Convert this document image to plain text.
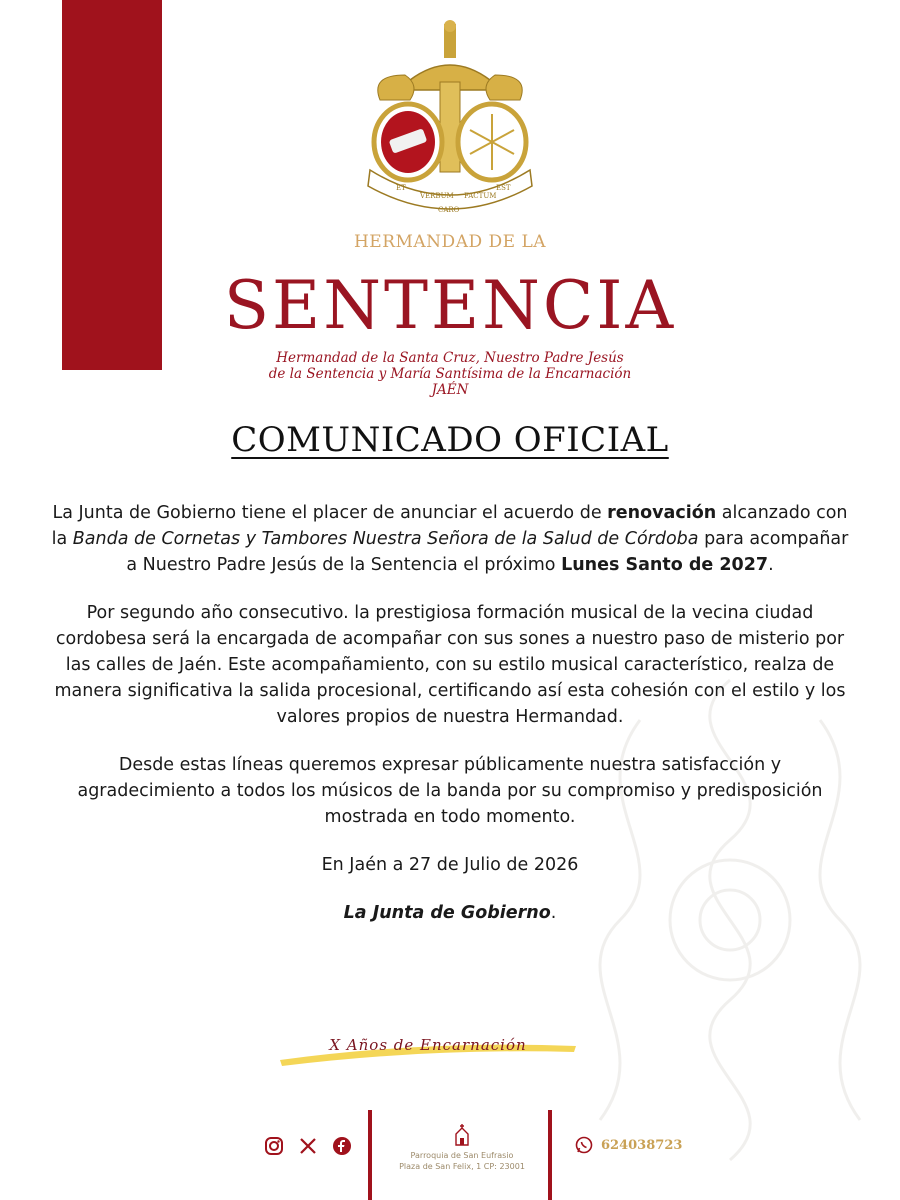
ET
VERBUM
CARO
FACTUM
EST
HERMANDAD DE LA
SENTENCIA
Hermandad de la Santa Cruz, Nuestro Padre Jesús
de la Sentencia y María Santísima de la Encarnación
JAÉN
COMUNICADO OFICIAL

La Junta de Gobierno tiene el placer de anunciar el acuerdo de renovación alcanzado con la Banda de Cornetas y Tambores Nuestra Señora de la Salud de Córdoba para acompañar a Nuestro Padre Jesús de la Sentencia el próximo Lunes Santo de 2027.

Por segundo año consecutivo. la prestigiosa formación musical de la vecina ciudad cordobesa será la encargada de acompañar con sus sones a nuestro paso de misterio por las calles de Jaén. Este acompañamiento, con su estilo musical característico, realza de manera significativa la salida procesional, certificando así esta cohesión con el estilo y los valores propios de nuestra Hermandad.

Desde estas líneas queremos expresar públicamente nuestra satisfacción y agradecimiento a todos los músicos de la banda por su compromiso y predisposición mostrada en todo momento.

En Jaén a 27 de Julio de 2026

La Junta de Gobierno.

X Años de Encarnación
Parroquia de San Eufrasio
Plaza de San Felix, 1 CP: 23001
624038723
